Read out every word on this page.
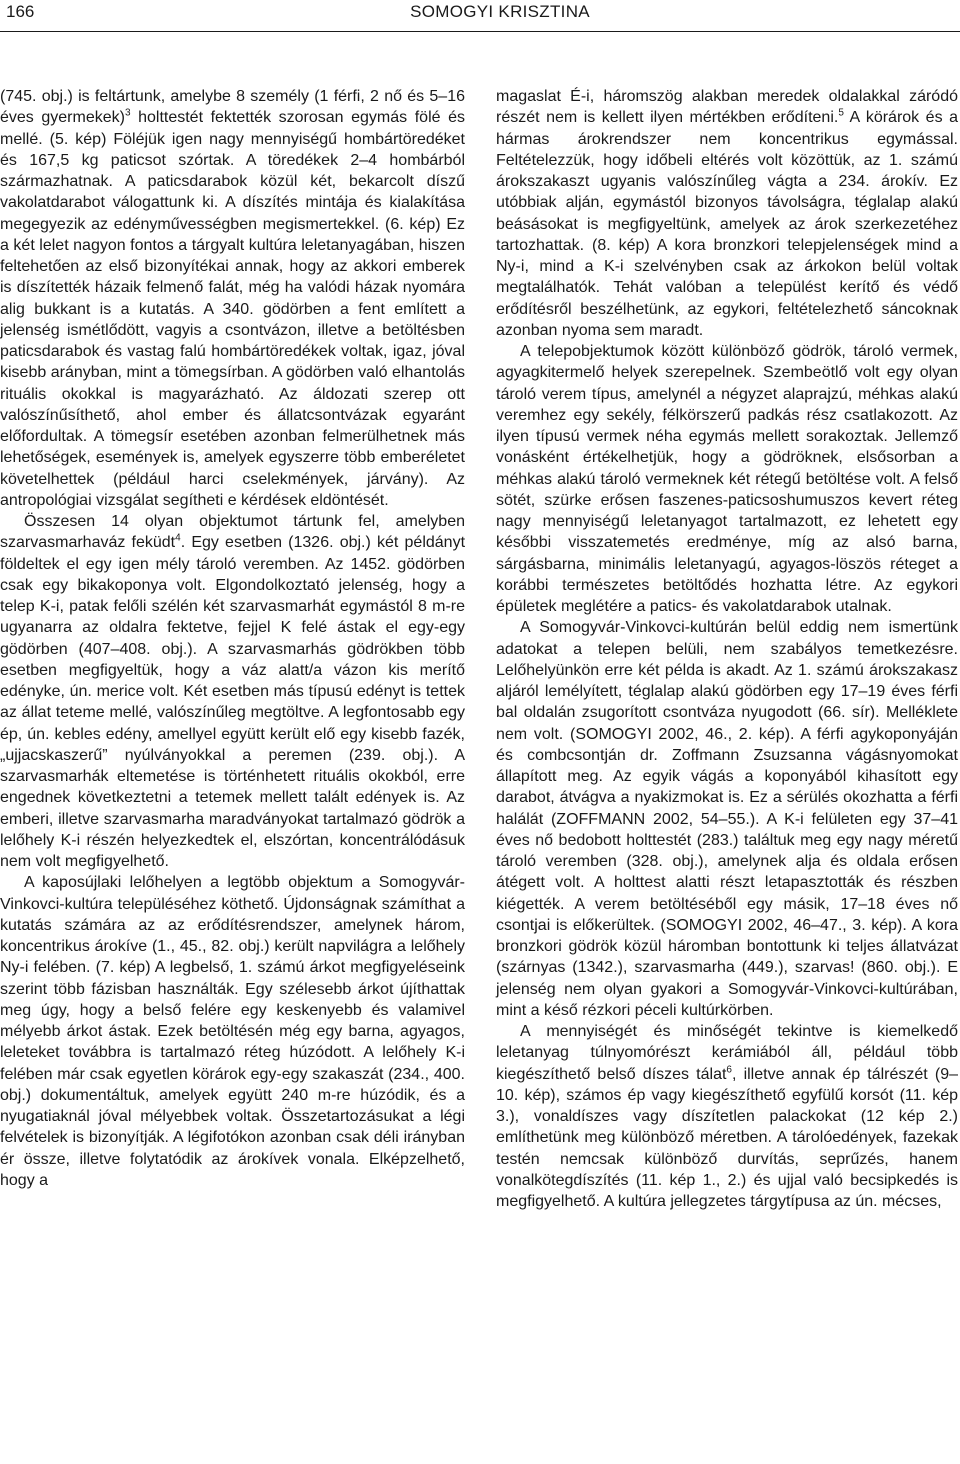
166	SOMOGYI KRISZTINA

(745. obj.) is feltártunk, amelybe 8 személy (1 férfi, 2 nő és 5–16 éves gyermekek)$^3$ holttestét fektették szorosan egymás fölé és mellé. (5. kép) Föléjük igen nagy mennyiségű hombártöredéket és 167,5 kg paticsot szórtak. A töredékek 2–4 hombárból származhatnak. A paticsdarabok közül két, bekarcolt díszű vakolatdarabot válogattunk ki. A díszítés mintája és kialakítása megegyezik az edényművességben megismertekkel. (6. kép) Ez a két lelet nagyon fontos a tárgyalt kultúra leletanyagában, hiszen feltehetően az első bizonyítékai annak, hogy az akkori emberek is díszítették házaik felmenő falát, még ha valódi házak nyomára alig bukkant is a kutatás. A 340. gödörben a fent említett a jelenség ismétlődött, vagyis a csontvázon, illetve a betöltésben paticsdarabok és vastag falú hombártöredékek voltak, igaz, jóval kisebb arányban, mint a tömegsírban. A gödörben való elhantolás rituális okokkal is magyarázható. Az áldozati szerep ott valószínűsíthető, ahol ember és állatcsontvázak egyaránt előfordultak. A tömegsír esetében azonban felmerülhetnek más lehetőségek, események is, amelyek egyszerre több emberéletet követelhettek (például harci cselekmények, járvány). Az antropológiai vizsgálat segítheti e kérdések eldöntését.

Összesen 14 olyan objektumot tártunk fel, amelyben szarvasmarhaváz feküdt$^4$. Egy esetben (1326. obj.) két példányt földeltek el egy igen mély tároló veremben. Az 1452. gödörben csak egy bikakoponya volt. Elgondolkoztató jelenség, hogy a telep K-i, patak felőli szélén két szarvasmarhát egymástól 8 m-re ugyanarra az oldalra fektetve, fejjel K felé ástak el egy-egy gödörben (407–408. obj.). A szarvasmarhás gödrökben több esetben megfigyeltük, hogy a váz alatt/a vázon kis merítő edényke, ún. merice volt. Két esetben más típusú edényt is tettek az állat teteme mellé, valószínűleg megtöltve. A legfontosabb egy ép, ún. kebles edény, amellyel együtt került elő egy kisebb fazék, „ujjacskaszerű” nyúlványokkal a peremen (239. obj.). A szarvasmarhák eltemetése is történhetett rituális okokból, erre engednek következtetni a tetemek mellett talált edények is. Az emberi, illetve szarvasmarha maradványokat tartalmazó gödrök a lelőhely K-i részén helyezkedtek el, elszórtan, koncentrálódásuk nem volt megfigyelhető.

A kaposújlaki lelőhelyen a legtöbb objektum a Somogyvár-Vinkovci-kultúra településéhez köthető. Újdonságnak számíthat a kutatás számára az az erődítésrendszer, amelynek három, koncentrikus árokíve (1., 45., 82. obj.) került napvilágra a lelőhely Ny-i felében. (7. kép) A legbelső, 1. számú árkot megfigyeléseink szerint több fázisban használták. Egy szélesebb árkot újíthattak meg úgy, hogy a belső felére egy keskenyebb és valamivel mélyebb árkot ástak. Ezek betöltésén még egy barna, agyagos, leleteket továbbra is tartalmazó réteg húzódott. A lelőhely K-i felében már csak egyetlen körárok egy-egy szakaszát (234., 400. obj.) dokumentáltuk, amelyek együtt 240 m-re húzódik, és a nyugatiaknál jóval mélyebbek voltak. Összetartozásukat a légi felvételek is bizonyítják. A légifotókon azonban csak déli irányban ér össze, illetve folytatódik az árokívek vonala. Elképzelhető, hogy a

magaslat É-i, háromszög alakban meredek oldalakkal záródó részét nem is kellett ilyen mértékben erődíteni.$^5$ A körárok és a hármas árokrendszer nem koncentrikus egymással. Feltételezzük, hogy időbeli eltérés volt közöttük, az 1. számú árokszakaszt ugyanis valószínűleg vágta a 234. árokív. Ez utóbbiak alján, egymástól bizonyos távolságra, téglalap alakú beásásokat is megfigyeltünk, amelyek az árok szerkezetéhez tartozhattak. (8. kép) A kora bronzkori telepjelenségek mind a Ny-i, mind a K-i szelvényben csak az árkokon belül voltak megtalálhatók. Tehát valóban a települést kerítő és védő erődítésről beszélhetünk, az egykori, feltételezhető sáncoknak azonban nyoma sem maradt.

A telepobjektumok között különböző gödrök, tároló vermek, agyagkitermelő helyek szerepelnek. Szembeötlő volt egy olyan tároló verem típus, amelynél a négyzet alaprajzú, méhkas alakú veremhez egy sekély, félkörszerű padkás rész csatlakozott. Az ilyen típusú vermek néha egymás mellett sorakoztak. Jellemző vonásként értékelhetjük, hogy a gödröknek, elsősorban a méhkas alakú tároló vermeknek két rétegű betöltése volt. A felső sötét, szürke erősen faszenes-paticsoshumuszos kevert réteg nagy mennyiségű leletanyagot tartalmazott, ez lehetett egy későbbi visszatemetés eredménye, míg az alsó barna, sárgásbarna, minimális leletanyagú, agyagos-löszös réteget a korábbi természetes betöltődés hozhatta létre. Az egykori épületek meglétére a patics- és vakolatdarabok utalnak.

A Somogyvár-Vinkovci-kultúrán belül eddig nem ismertünk adatokat a telepen belüli, nem szabályos temetkezésre. Lelőhelyünkön erre két példa is akadt. Az 1. számú árokszakasz aljáról lemélyített, téglalap alakú gödörben egy 17–19 éves férfi bal oldalán zsugorított csontváza nyugodott (66. sír). Melléklete nem volt. (SOMOGYI 2002, 46., 2. kép). A férfi agykoponyáján és combcsontján dr. Zoffmann Zsuzsanna vágásnyomokat állapított meg. Az egyik vágás a koponyából kihasított egy darabot, átvágva a nyakizmokat is. Ez a sérülés okozhatta a férfi halálát (ZOFFMANN 2002, 54–55.). A K-i felületen egy 37–41 éves nő bedobott holttestét (283.) találtuk meg egy nagy méretű tároló veremben (328. obj.), amelynek alja és oldala erősen átégett volt. A holttest alatti részt letapasztották és részben kiégették. A verem betöltéséből egy másik, 17–18 éves nő csontjai is előkerültek. (SOMOGYI 2002, 46–47., 3. kép). A kora bronzkori gödrök közül háromban bontottunk ki teljes állatvázat (szárnyas (1342.), szarvasmarha (449.), szarvas! (860. obj.). E jelenség nem olyan gyakori a Somogyvár-Vinkovci-kultúrában, mint a késő rézkori péceli kultúrkörben.

A mennyiségét és minőségét tekintve is kiemelkedő leletanyag túlnyomórészt kerámiából áll, például több kiegészíthető belső díszes tálat$^6$, illetve annak ép tálrészét (9–10. kép), számos ép vagy kiegészíthető egyfülű korsót (11. kép 3.), vonaldíszes vagy díszítetlen palackokat (12 kép 2.) említhetünk meg különböző méretben. A tárolóedények, fazekak testén nemcsak különböző durvítás, seprűzés, hanem vonalkötegdíszítés (11. kép 1., 2.) és ujjal való becsipkedés is megfigyelhető. A kultúra jellegzetes tárgytípusa az ún. mécses,
